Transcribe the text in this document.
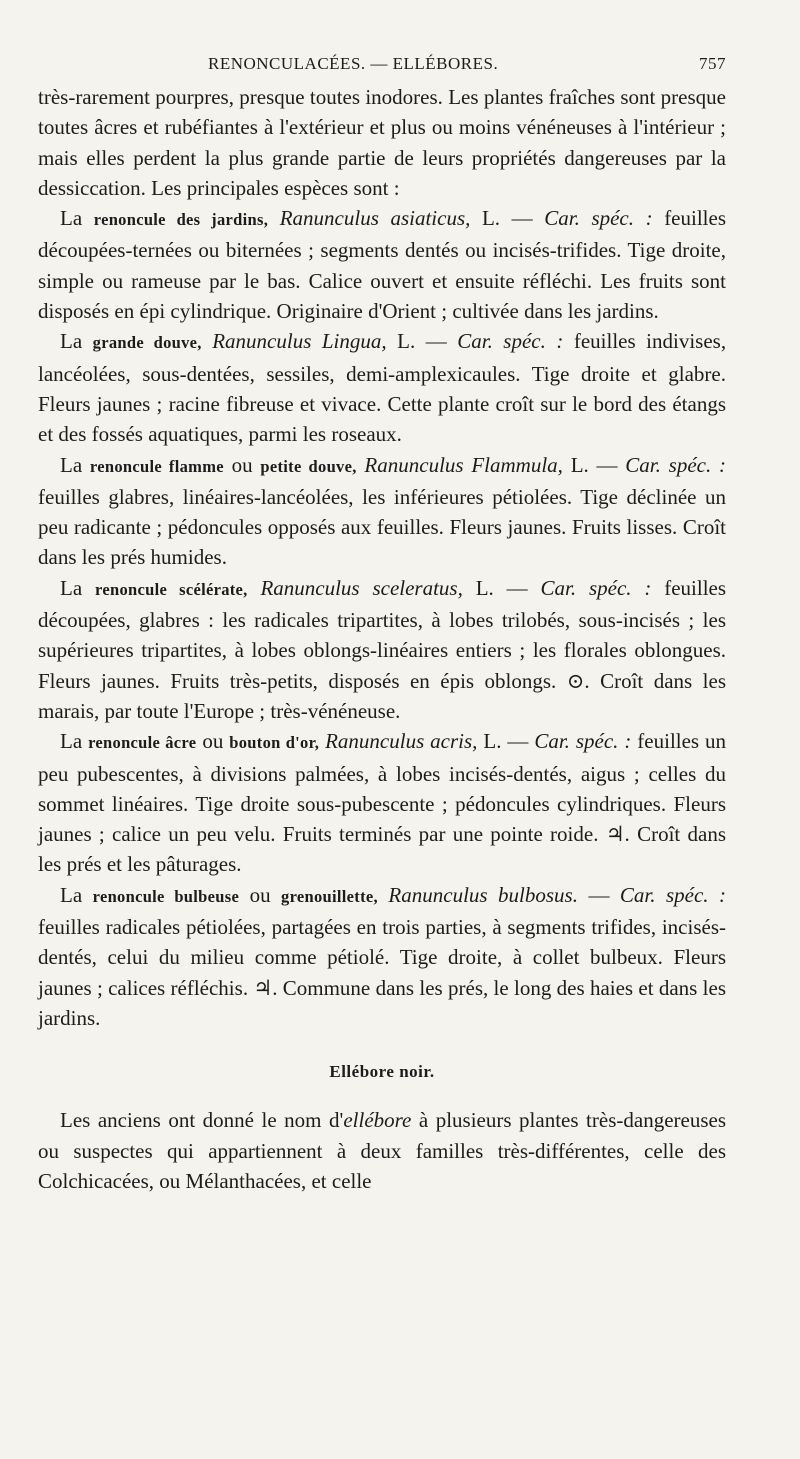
RENONCULACÉES. — ELLÉBORES.	757

très-rarement pourpres, presque toutes inodores. Les plantes fraîches sont presque toutes âcres et rubéfiantes à l'extérieur et plus ou moins vénéneuses à l'intérieur ; mais elles perdent la plus grande partie de leurs propriétés dangereuses par la dessiccation. Les principales espèces sont :

La renoncule des jardins, Ranunculus asiaticus, L. — Car. spéc. : feuilles découpées-ternées ou biternées ; segments dentés ou incisés-trifides. Tige droite, simple ou rameuse par le bas. Calice ouvert et ensuite réfléchi. Les fruits sont disposés en épi cylindrique. Originaire d'Orient ; cultivée dans les jardins.

La grande douve, Ranunculus Lingua, L. — Car. spéc. : feuilles indivises, lancéolées, sous-dentées, sessiles, demi-amplexicaules. Tige droite et glabre. Fleurs jaunes ; racine fibreuse et vivace. Cette plante croît sur le bord des étangs et des fossés aquatiques, parmi les roseaux.

La renoncule flamme ou petite douve, Ranunculus Flammula, L. — Car. spéc. : feuilles glabres, linéaires-lancéolées, les inférieures pétiolées. Tige déclinée un peu radicante ; pédoncules opposés aux feuilles. Fleurs jaunes. Fruits lisses. Croît dans les prés humides.

La renoncule scélérate, Ranunculus sceleratus, L. — Car. spéc. : feuilles découpées, glabres : les radicales tripartites, à lobes trilobés, sous-incisés ; les supérieures tripartites, à lobes oblongs-linéaires entiers ; les florales oblongues. Fleurs jaunes. Fruits très-petits, disposés en épis oblongs. ⊙. Croît dans les marais, par toute l'Europe ; très-vénéneuse.

La renoncule âcre ou bouton d'or, Ranunculus acris, L. — Car. spéc. : feuilles un peu pubescentes, à divisions palmées, à lobes incisés-dentés, aigus ; celles du sommet linéaires. Tige droite sous-pubescente ; pédoncules cylindriques. Fleurs jaunes ; calice un peu velu. Fruits terminés par une pointe roide. ♃. Croît dans les prés et les pâturages.

La renoncule bulbeuse ou grenouillette, Ranunculus bulbosus. — Car. spéc. : feuilles radicales pétiolées, partagées en trois parties, à segments trifides, incisés-dentés, celui du milieu comme pétiolé. Tige droite, à collet bulbeux. Fleurs jaunes ; calices réfléchis. ♃. Commune dans les prés, le long des haies et dans les jardins.

Ellébore noir.

Les anciens ont donné le nom d'ellébore à plusieurs plantes très-dangereuses ou suspectes qui appartiennent à deux familles très-différentes, celle des Colchicacées, ou Mélanthacées, et celle
